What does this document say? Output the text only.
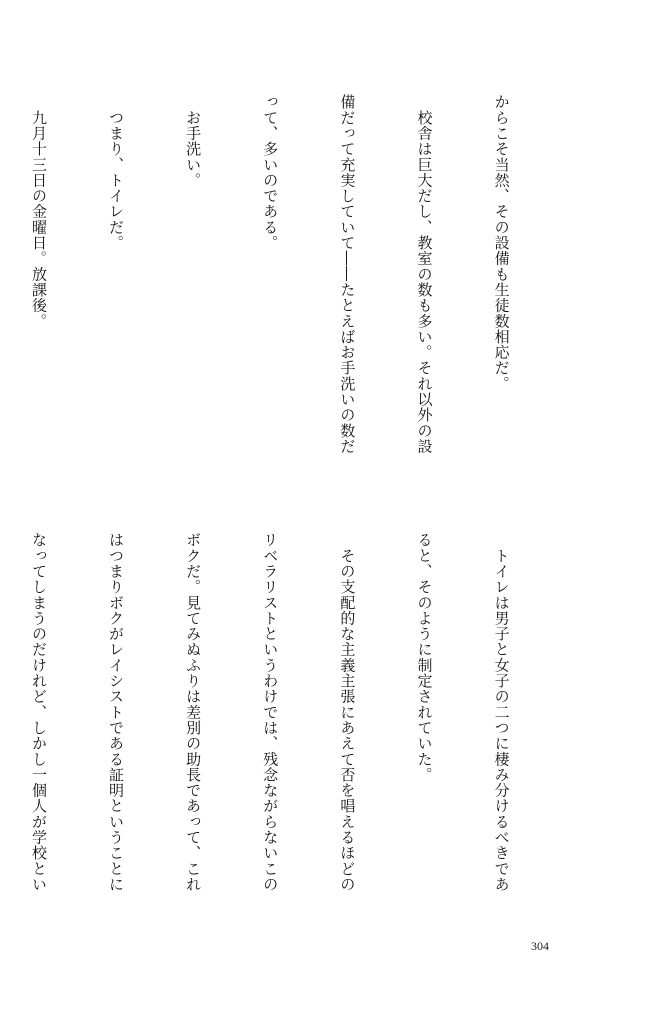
からこそ当然、その設備も生徒数相応だ。

　校舎は巨大だし、教室の数も多い。それ以外の設

備だって充実していて――たとえばお手洗いの数だ

って、多いのである。

　お手洗い。

　つまり、トイレだ。

　九月十三日の金曜日。放課後。

　トイレは男子と女子の二つに棲み分けるべきであ

ると、そのように制定されていた。

　その支配的な主義主張にあえて否を唱えるほどの

リベラリストというわけでは、残念ながらないこの

ボクだ。見てみぬふりは差別の助長であって、これ

はつまりボクがレイシストである証明ということに

なってしまうのだけれど、しかし一個人が学校とい

304
